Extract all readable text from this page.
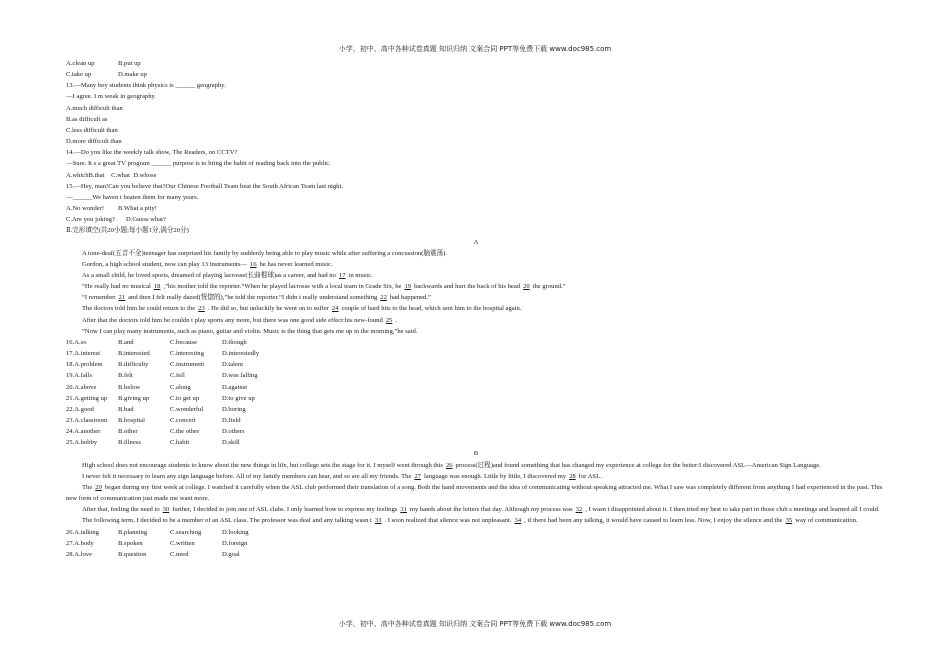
小学、初中、高中各种试卷真题 知识归纳 文案合同 PPT等免费下载 www.doc985.com
A.clean up	B.put up
C.take up	D.make up
13.—Many boy students think physics is ______ geography.
—I agree. I m weak in geography.
A.much difficult than
B.as difficult as
C.less difficult than
D.more difficult than
14.—Do you like the weekly talk show, The Readers, on CCTV?
—Sure. It s a great TV program ______ purpose is to bring the habit of reading back into the public.
A.whichB.that C.what D.whose
15.—Hey, man!Can you believe that?Our Chinese Football Team beat the South African Team last night.
—______We haven t beaten them for many years.
A.No wonder! B.What a pity!
C.Are you joking? D.Guess what?
Ⅱ.完形填空(共20小题;每小题1分,满分20分)
A
A tone-deaf(五音不全)teenager has surprised his family by suddenly being able to play music while after suffering a concussion(脑震荡).
Gordon, a high school student, now can play 13 instruments— 16 he has never learned music.
As a small child, he loved sports, dreamed of playing lacrosse(长曲棍球)as a career, and had no 17 in music.
“He really had no musical 18 ,”his mother told the reporter.“When he played lacrosse with a local team in Grade Six, he 19 backwards and hurt the back of his head 20 the ground.”
“I remember 21 and then I felt really dazed(恍惚的),”he told the reporter.“I didn t really understand something 22 had happened.”
The doctors told him he could return to the 23 . He did so, but unluckily he went on to suffer 24 couple of hard hits to the head, which sent him to the hospital again.
After that the doctors told him he couldn t play sports any more, but there was one good side effect:his new-found 25 .
“Now I can play many instruments, such as piano, guitar and violin. Music is the thing that gets me up in the morning,”he said.
16.A.so	B.and	C.because	D.though
17.A.interest	B.interested	C.interesting	D.interestedly
18.A.problem B.difficulty	C.instrument	D.talent
19.A.falls	B.felt	C.fell	D.was falling
20.A.above	B.below	C.along	D.against
21.A.getting up B.giving up	C.to get up	D.to give up
22.A.good	B.bad	C.wonderful	D.boring
23.A.classroom B.hospital	C.concert	D.field
24.A.another	B.other	C.the other	D.others
25.A.hobby	B.illness	C.habit	D.skill
B
High school does not encourage students to know about the new things in life, but college sets the stage for it. I myself went through this 26 process(过程)and found something that has changed my experience at college for the better:I discovered ASL—American Sign Language.
I never felt it necessary to learn any sign language before. All of my family members can hear, and so are all my friends. The 27 language was enough. Little by little, I discovered my 28 for ASL.
The 29 began during my first week at college. I watched it carefully when the ASL club performed their translation of a song. Both the hand movements and the idea of communicating without speaking attracted me. What I saw was completely different from anything I had experienced in the past. This new form of communication just made me want more.
After that, feeling the need to 30 further, I decided to join one of ASL clubs. I only learned how to express my feelings 31 my hands about the letters that day. Although my process was 32 , I wasn t disappointed about it. I then tried my best to take part in those club s meetings and learned all I could.
The following term, I decided to be a member of an ASL class. The professor was deaf and any talking wasn t 33 . I soon realized that silence was not unpleasant. 34 , if there had been any talking, it would have caused to learn less. Now, I enjoy the silence and the 35 way of communication.
26.A.talking	B.planning	C.searching	D.looking
27.A.body	B.spoken	C.written	D.foreign
28.A.love	B.question	C.need	D.goal
小学、初中、高中各种试卷真题 知识归纳 文案合同 PPT等免费下载 www.doc985.com
